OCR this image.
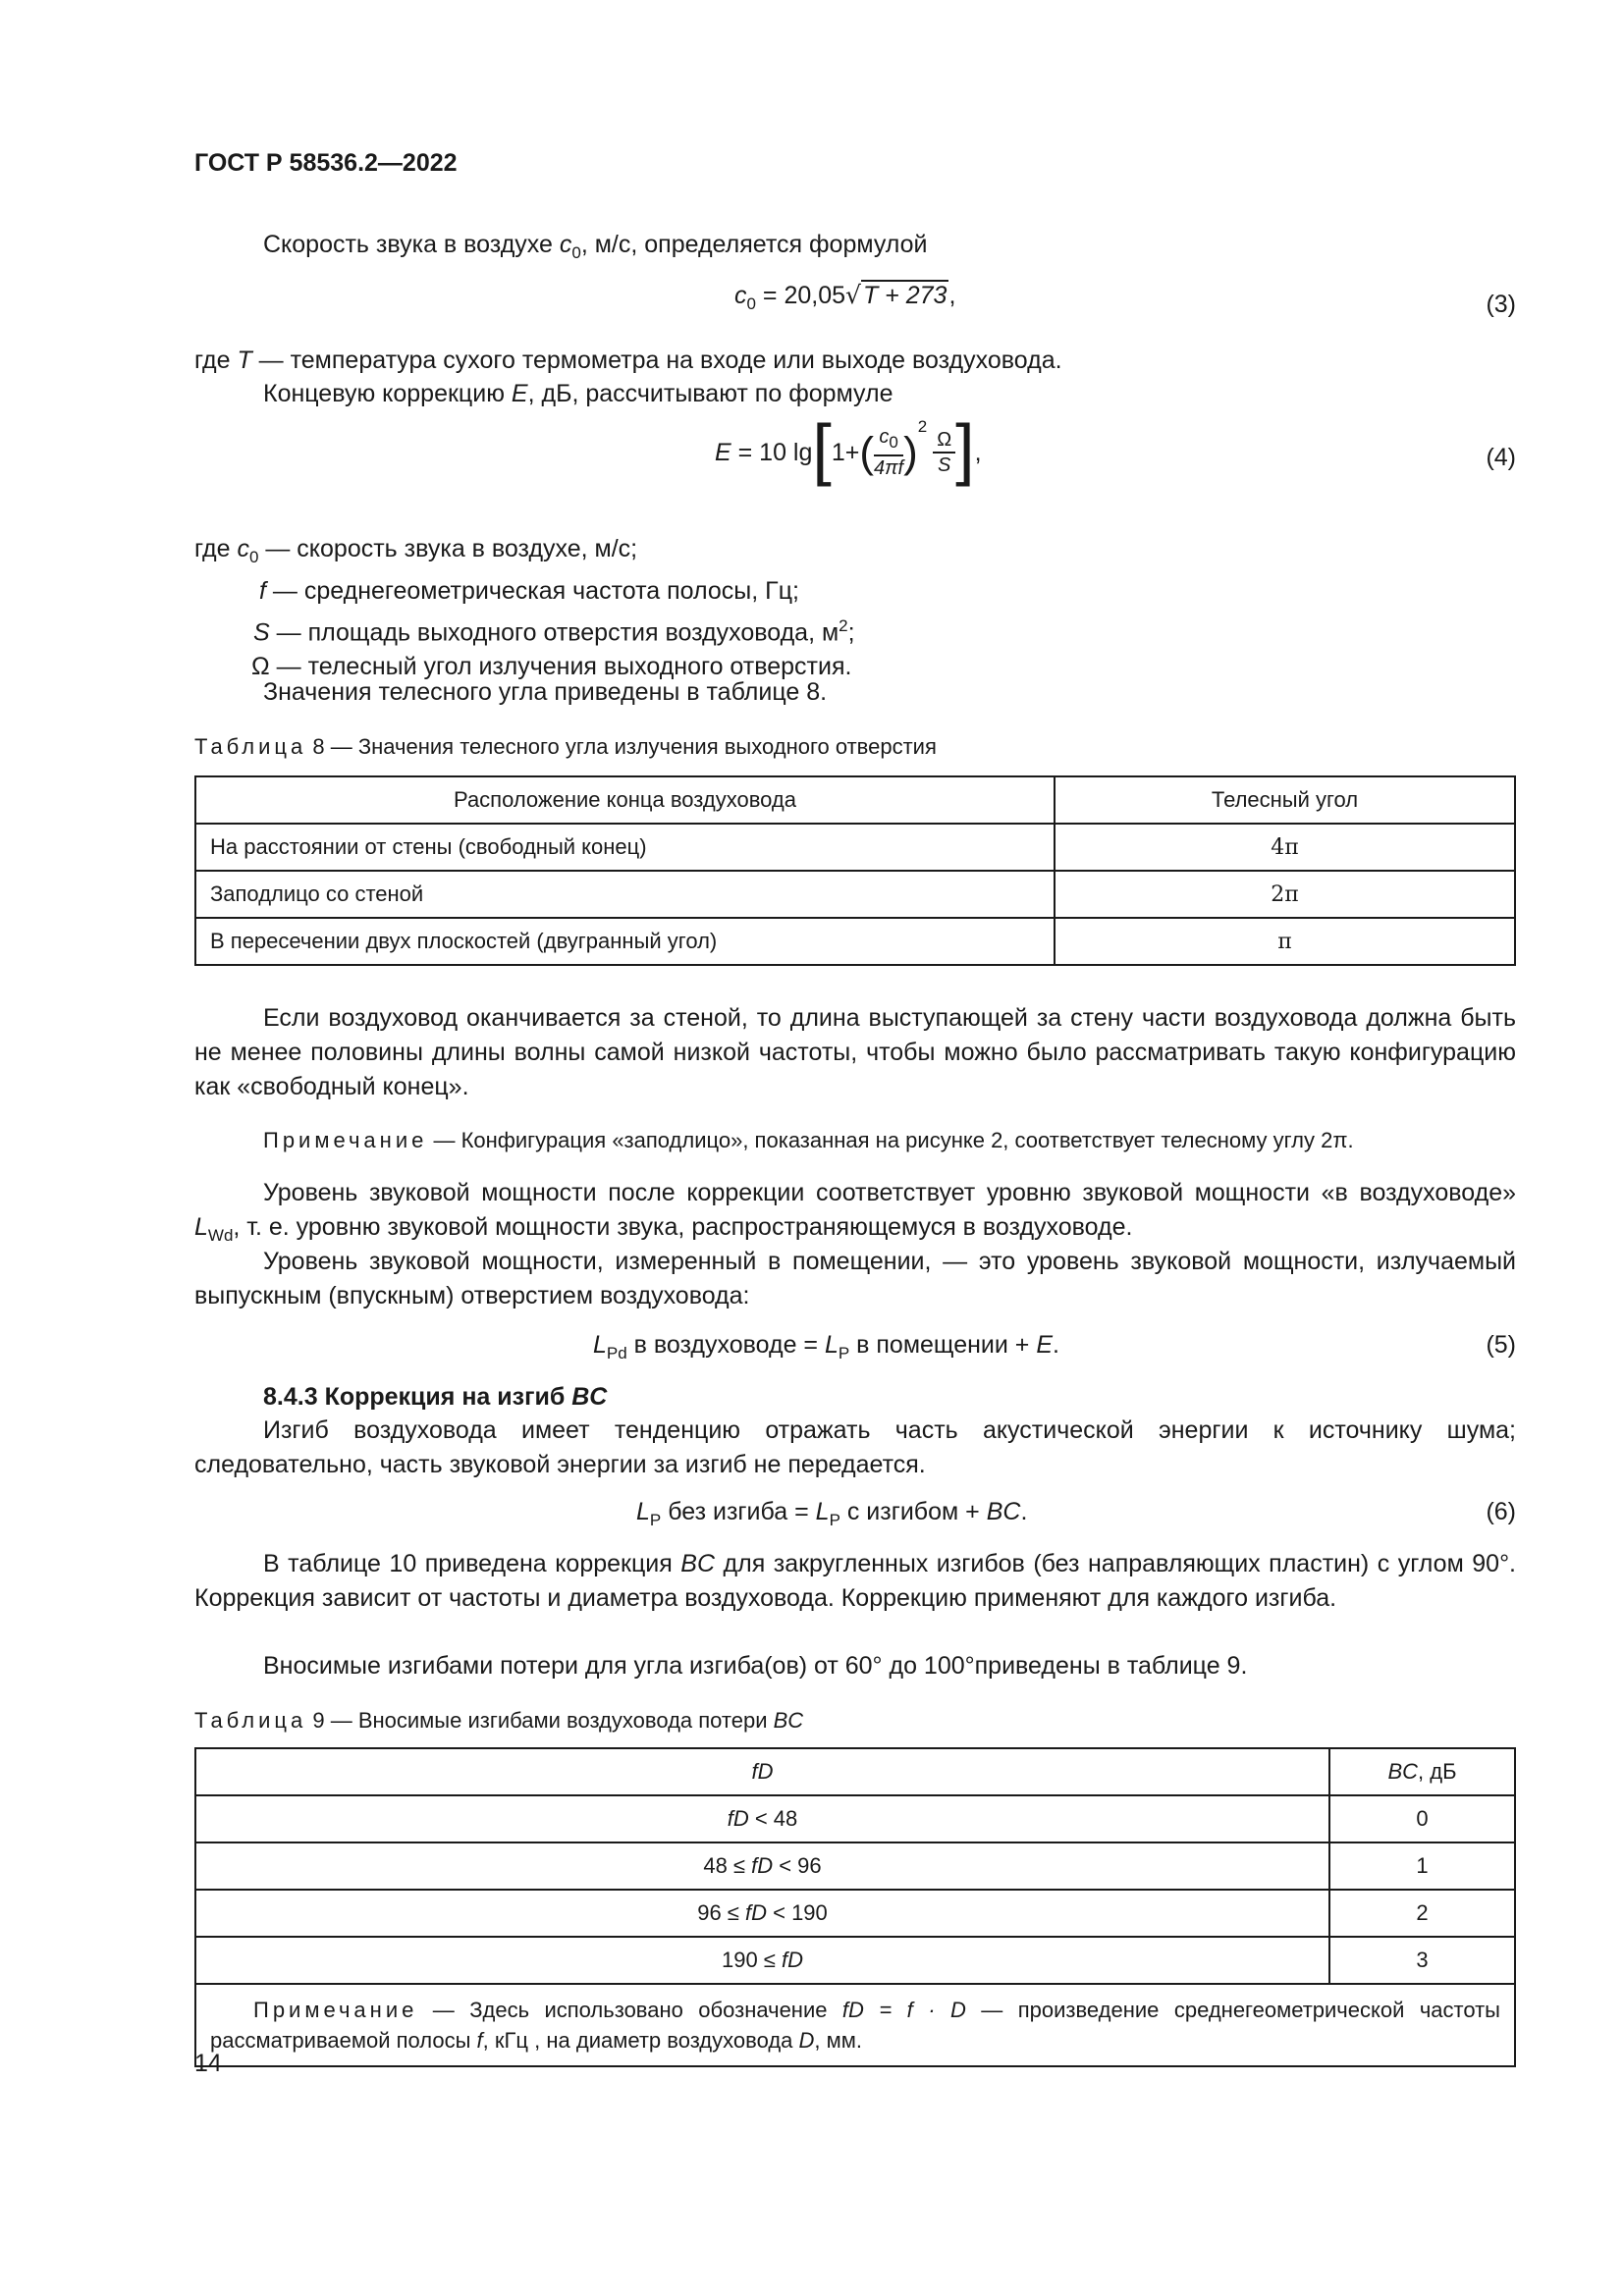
ГОСТ Р 58536.2—2022
Скорость звука в воздухе $c_0$, м/с, определяется формулой
$c_0 = 20,05√T + 273$,	(3)
где T — температура сухого термометра на входе или выходе воздуховода.
Концевую коррекцию E, дБ, рассчитывают по формуле
E = 10 $\lg[1+( \frac{c_0}{4\pi f} )^2$
$\frac{\Omega}{S}$ ],	(4)
где $c_0$ — скорость звука в воздухе, м/с;
f — среднегеометрическая частота полосы, Гц;
S — площадь выходного отверстия воздуховода, $м^2$;
Ω — телесный угол излучения выходного отверстия.
Значения телесного угла приведены в таблице 8.
Таблица 8 — Значения телесного угла излучения выходного отверстия
Расположение конца воздуховода	Телесный угол
На расстоянии от стены (свободный конец)	4π
Заподлицо со стеной	2π
В пересечении двух плоскостей (двугранный угол)	π
Если воздуховод оканчивается за стеной, то длина выступающей за стену части воздуховода должна быть не менее половины длины волны самой низкой частоты, чтобы можно было рассматривать такую конфигурацию как «свободный конец».
Примечание — Конфигурация «заподлицо», показанная на рисунке 2, соответствует телесному углу 2π.
Уровень звуковой мощности после коррекции соответствует уровню звуковой мощности «в воздуховоде» $L_{Wd}$, т. е. уровню звуковой мощности звука, распространяющемуся в воздуховоде.
Уровень звуковой мощности, измеренный в помещении, — это уровень звуковой мощности, излучаемый выпускным (впускным) отверстием воздуховода:
$L_{Pd}$ в воздуховоде = $L_P$ в помещении + E.	(5)
8.4.3 Коррекция на изгиб BC
Изгиб воздуховода имеет тенденцию отражать часть акустической энергии к источнику шума; следовательно, часть звуковой энергии за изгиб не передается.
$L_P$ без изгиба = $L_P$ с изгибом + BC.	(6)
В таблице 10 приведена коррекция BC для закругленных изгибов (без направляющих пластин) с углом 90°. Коррекция зависит от частоты и диаметра воздуховода. Коррекцию применяют для каждого изгиба.
Вносимые изгибами потери для угла изгиба(ов) от 60° до 100°приведены в таблице 9.
Таблица 9 — Вносимые изгибами воздуховода потери BC
fD	BC, дБ
fD < 48	0
48 ≤ fD < 96	1
96 ≤ fD < 190	2
190 ≤ fD	3
Примечание — Здесь использовано обозначение fD = f · D — произведение среднегеометрической частоты рассматриваемой полосы f, кГц , на диаметр воздуховода D, мм.	
14
